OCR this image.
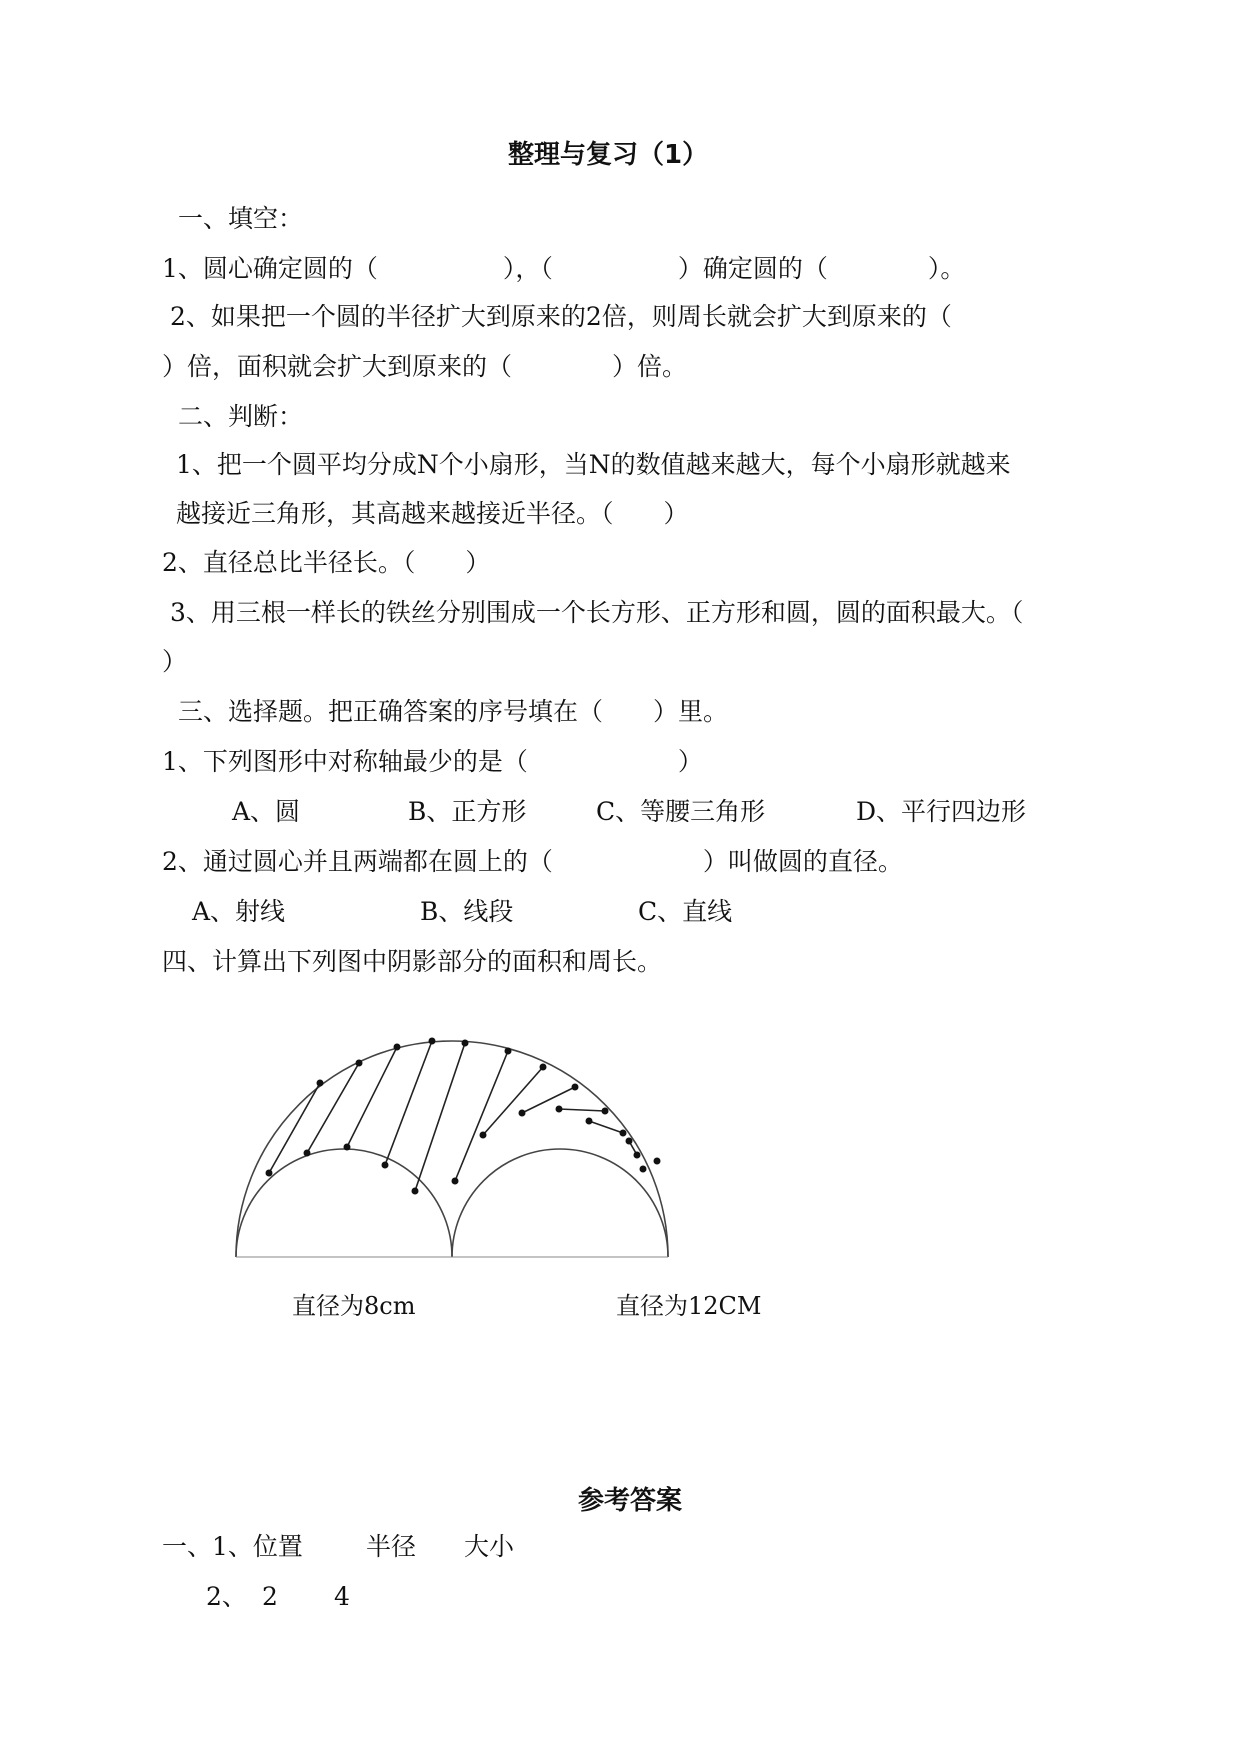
整理与复习（1）
一、填空：
1、圆心确定圆的（　　　　　），（　　　　　）确定圆的（　　　　）。
2、如果把一个圆的半径扩大到原来的2倍，则周长就会扩大到原来的（
）倍，面积就会扩大到原来的（　　　　）倍。
二、判断：
1、把一个圆平均分成N个小扇形，当N的数值越来越大，每个小扇形就越来
越接近三角形，其高越来越接近半径。（　　）
2、直径总比半径长。（　　）
3、用三根一样长的铁丝分别围成一个长方形、正方形和圆，圆的面积最大。（
）
三、选择题。把正确答案的序号填在（　　）里。
1、下列图形中对称轴最少的是（　　　　　　）
A、圆	B、正方形	C、等腰三角形	D、平行四边形
2、通过圆心并且两端都在圆上的（　　　　　　）叫做圆的直径。
A、射线	B、线段	C、直线
四、计算出下列图中阴影部分的面积和周长。
直径为8cm	直径为12CM
参考答案
一、1、位置	半径 大小
2、 2 4
